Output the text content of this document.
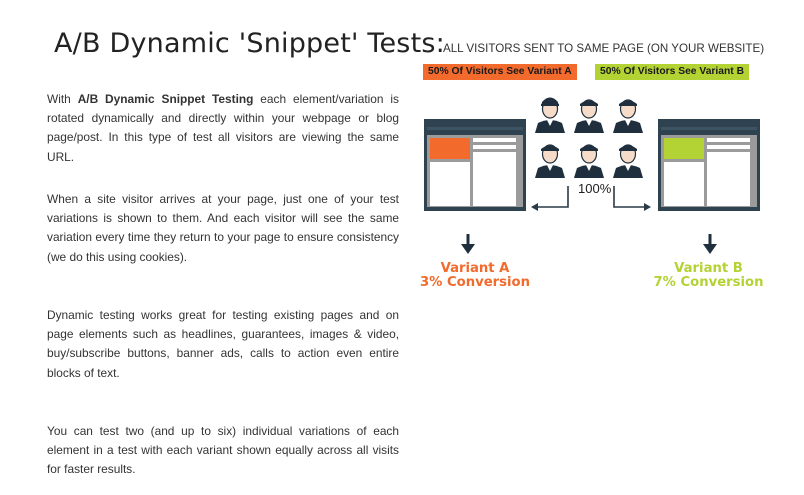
A/B Dynamic 'Snippet' Tests:

With A/B Dynamic Snippet Testing each element/variation is rotated dynamically and directly within your webpage or blog page/post. In this type of test all visitors are viewing the same URL.

When a site visitor arrives at your page, just one of your test variations is shown to them. And each visitor will see the same variation every time they return to your page to ensure consistency (we do this using cookies).

Dynamic testing works great for testing existing pages and on page elements such as headlines, guarantees, images & video, buy/subscribe buttons, banner ads, calls to action even entire blocks of text.

You can test two (and up to six) individual variations of each element in a test with each variant shown equally across all visits for faster results.

ALL VISITORS SENT TO SAME PAGE (ON YOUR WEBSITE)
50% Of Visitors See Variant A	50% Of Visitors See Variant B
100%
Variant A
3% Conversion
Variant B
7% Conversion
